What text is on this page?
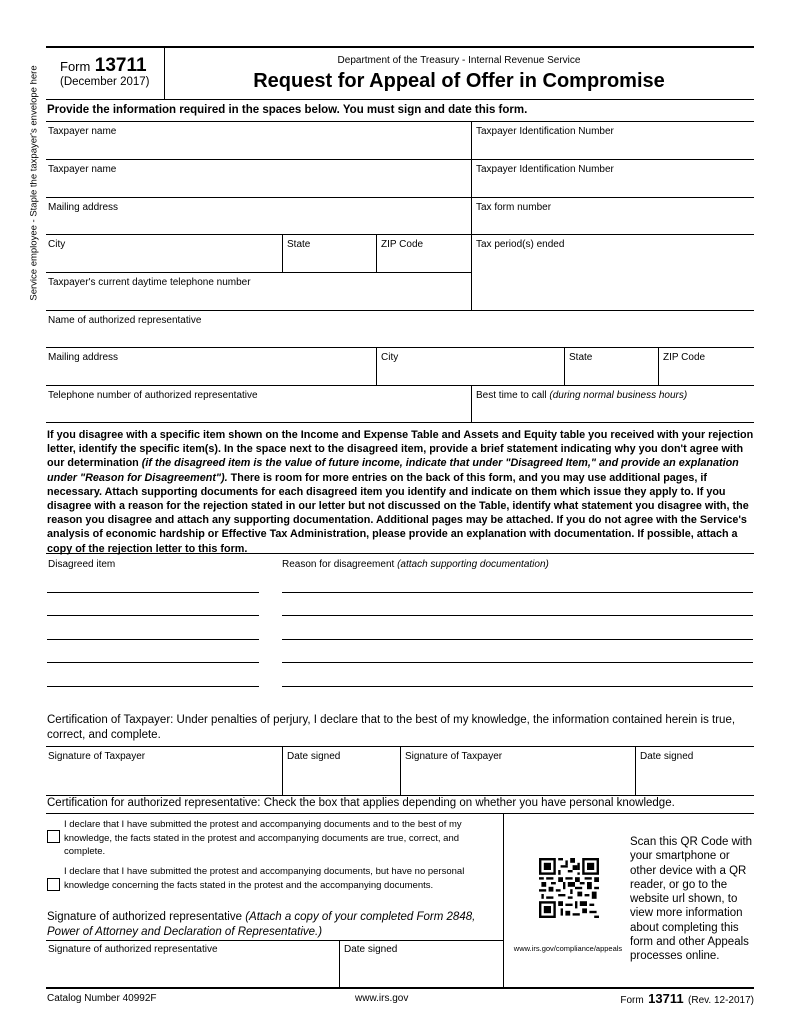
Service employee - Staple the taxpayer's envelope here Form 13711
(December 2017)
Department of the Treasury - Internal Revenue Service
Request for Appeal of Offer in Compromise
Provide the information required in the spaces below. You must sign and date this form.
Taxpayer name	Taxpayer Identification Number
Taxpayer name	Taxpayer Identification Number
Mailing address	Tax form number
City	State	ZIP Code	Tax period(s) ended
Taxpayer's current daytime telephone number
Name of authorized representative
Mailing address	City	State	ZIP Code
Telephone number of authorized representative	Best time to call (during normal business hours)
If you disagree with a specific item shown on the Income and Expense Table and Assets and Equity table you received with your rejection letter, identify the specific item(s). In the space next to the disagreed item, provide a brief statement indicating why you don't agree with our determination (if the disagreed item is the value of future income, indicate that under "Disagreed Item," and provide an explanation under "Reason for Disagreement"). There is room for more entries on the back of this form, and you may use additional pages, if necessary. Attach supporting documents for each disagreed item you identify and indicate on them which issue they apply to. If you disagree with a reason for the rejection stated in our letter but not discussed on the Table, identify what statement you disagree with, the reason you disagree and attach any supporting documentation. Additional pages may be attached. If you do not agree with the Service's analysis of economic hardship or Effective Tax Administration, please provide an explanation with documentation. If possible, attach a copy of the rejection letter to this form.
Disagreed item	Reason for disagreement (attach supporting documentation)
Certification of Taxpayer: Under penalties of perjury, I declare that to the best of my knowledge, the information contained herein is true, correct, and complete.
Signature of Taxpayer	Date signed	Signature of Taxpayer	Date signed
Certification for authorized representative: Check the box that applies depending on whether you have personal knowledge.
I declare that I have submitted the protest and accompanying documents and to the best of my knowledge, the facts stated in the protest and accompanying documents are true, correct, and complete.
I declare that I have submitted the protest and accompanying documents, but have no personal knowledge concerning the facts stated in the protest and the accompanying documents.
Signature of authorized representative (Attach a copy of your completed Form 2848, Power of Attorney and Declaration of Representative.)
Signature of authorized representative	Date signed	www.irs.gov/compliance/appeals
Scan this QR Code with your smartphone or other device with a QR reader, or go to the website url shown, to view more information about completing this form and other Appeals processes online.
Catalog Number 40992F	www.irs.gov	Form 13711 (Rev. 12-2017)
